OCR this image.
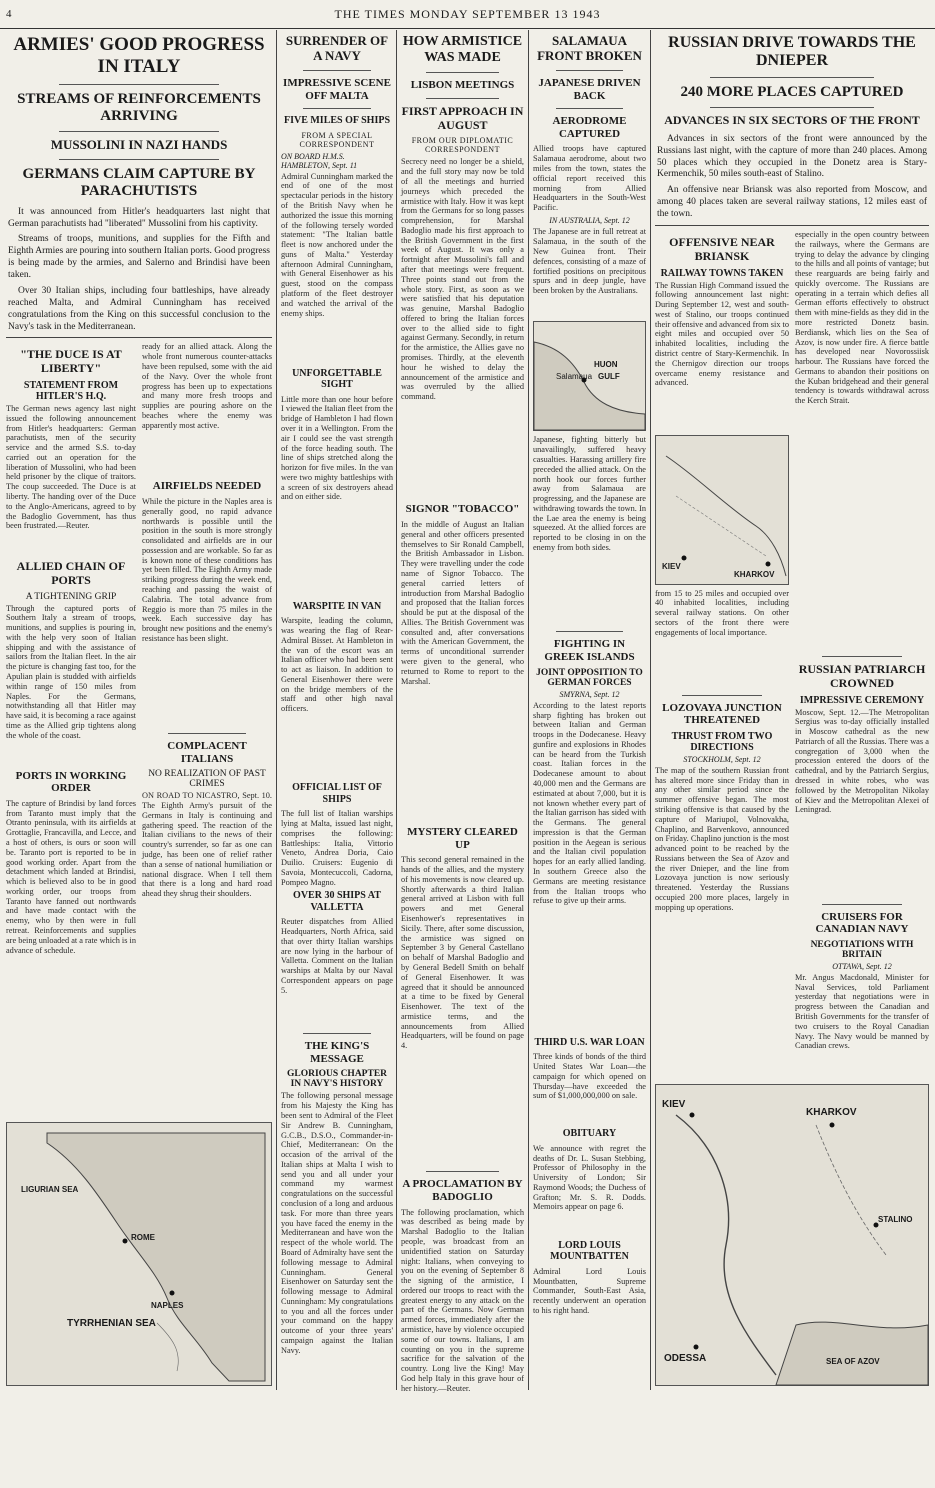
4	THE TIMES MONDAY SEPTEMBER 13 1943
ARMIES' GOOD PROGRESS IN ITALY
STREAMS OF REINFORCEMENTS ARRIVING
MUSSOLINI IN NAZI HANDS
GERMANS CLAIM CAPTURE BY PARACHUTISTS

It was announced from Hitler's headquarters last night that German parachutists had "liberated" Mussolini from his captivity.

Streams of troops, munitions, and supplies for the Fifth and Eighth Armies are pouring into southern Italian ports. Good progress is being made by the armies, and Salerno and Brindisi have been taken.

Over 30 Italian ships, including four battleships, have already reached Malta, and Admiral Cunningham has received congratulations from the King on this successful conclusion to the Navy's task in the Mediterranean.

"THE DUCE IS AT LIBERTY"
STATEMENT FROM HITLER'S H.Q.
The German news agency last night issued the following announcement from Hitler's headquarters: German parachutists, men of the security service and the armed S.S. to-day carried out an operation for the liberation of Mussolini, who had been held prisoner by the clique of traitors. The coup succeeded. The Duce is at liberty. The handing over of the Duce to the Anglo-Americans, agreed to by the Badoglio Government, has thus been frustrated.—Reuter.
ALLIED CHAIN OF PORTS
A TIGHTENING GRIP
Through the captured ports of Southern Italy a stream of troops, munitions, and supplies is pouring in, with the help very soon of Italian shipping and with the assistance of sailors from the Italian fleet. In the air the picture is changing fast too, for the Apulian plain is studded with airfields within range of 150 miles from Naples. For the Germans, notwithstanding all that Hitler may have said, it is becoming a race against time as the Allied grip tightens along the whole of the coast.
PORTS IN WORKING ORDER
The capture of Brindisi by land forces from Taranto must imply that the Otranto peninsula, with its airfields at Grottaglie, Francavilla, and Lecce, and a host of others, is ours or soon will be. Taranto port is reported to be in good working order. Apart from the detachment which landed at Brindisi, which is believed also to be in good working order, our troops from Taranto have fanned out northwards and have made contact with the enemy, who by then were in full retreat. Reinforcements and supplies are being unloaded at a rate which is in advance of schedule.
ready for an allied attack. Along the whole front numerous counter-attacks have been repulsed, some with the aid of the Navy. Over the whole front progress has been up to expectations and many more fresh troops and supplies are pouring ashore on the beaches where the enemy was apparently most active.
AIRFIELDS NEEDED
While the picture in the Naples area is generally good, no rapid advance northwards is possible until the position in the south is more strongly consolidated and airfields are in our possession and are workable. So far as is known none of these conditions has yet been filled. The Eighth Army made striking progress during the week end, reaching and passing the waist of Calabria. The total advance from Reggio is more than 75 miles in the week. Each successive day has brought new positions and the enemy's resistance has been slight.
COMPLACENT ITALIANS
NO REALIZATION OF PAST CRIMES
ON ROAD TO NICASTRO, Sept. 10. The Eighth Army's pursuit of the Germans in Italy is continuing and gathering speed. The reaction of the Italian civilians to the news of their country's surrender, so far as one can judge, has been one of relief rather than a sense of national humiliation or national disgrace. When I tell them that there is a long and hard road ahead they shrug their shoulders.
LIGURIAN SEA
ROME
NAPLES
TYRRHENIAN SEA
SURRENDER OF A NAVY
IMPRESSIVE SCENE OFF MALTA
FIVE MILES OF SHIPS
FROM A SPECIAL CORRESPONDENT
ON BOARD H.M.S. HAMBLETON, Sept. 11
Admiral Cunningham marked the end of one of the most spectacular periods in the history of the British Navy when he authorized the issue this morning of the following tersely worded statement: "The Italian battle fleet is now anchored under the guns of Malta." Yesterday afternoon Admiral Cunningham, with General Eisenhower as his guest, stood on the compass platform of the fleet destroyer and watched the arrival of the enemy ships.
UNFORGETTABLE SIGHT
Little more than one hour before I viewed the Italian fleet from the bridge of Hambleton I had flown over it in a Wellington. From the air I could see the vast strength of the force heading south. The line of ships stretched along the horizon for five miles. In the van were two mighty battleships with a screen of six destroyers ahead and on either side.
WARSPITE IN VAN
Warspite, leading the column, was wearing the flag of Rear-Admiral Bisset. At Hambleton in the van of the escort was an Italian officer who had been sent to act as liaison. In addition to General Eisenhower there were on the bridge members of the staff and other high naval officers.
OFFICIAL LIST OF SHIPS
The full list of Italian warships lying at Malta, issued last night, comprises the following: Battleships: Italia, Vittorio Veneto, Andrea Doria, Caio Duilio. Cruisers: Eugenio di Savoia, Montecuccoli, Cadorna, Pompeo Magno.
OVER 30 SHIPS AT VALLETTA
Reuter dispatches from Allied Headquarters, North Africa, said that over thirty Italian warships are now lying in the harbour of Valletta. Comment on the Italian warships at Malta by our Naval Correspondent appears on page 5.
THE KING'S MESSAGE
GLORIOUS CHAPTER IN NAVY'S HISTORY
The following personal message from his Majesty the King has been sent to Admiral of the Fleet Sir Andrew B. Cunningham, G.C.B., D.S.O., Commander-in-Chief, Mediterranean: On the occasion of the arrival of the Italian ships at Malta I wish to send you and all under your command my warmest congratulations on the successful conclusion of a long and arduous task. For more than three years you have faced the enemy in the Mediterranean and have won the respect of the whole world. The Board of Admiralty have sent the following message to Admiral Cunningham. General Eisenhower on Saturday sent the following message to Admiral Cunningham: My congratulations to you and all the forces under your command on the happy outcome of your three years' campaign against the Italian Navy.
HOW ARMISTICE WAS MADE
LISBON MEETINGS
FIRST APPROACH IN AUGUST
FROM OUR DIPLOMATIC CORRESPONDENT
Secrecy need no longer be a shield, and the full story may now be told of all the meetings and hurried journeys which preceded the armistice with Italy. How it was kept from the Germans for so long passes comprehension, for Marshal Badoglio made his first approach to the British Government in the first week of August. It was only a fortnight after Mussolini's fall and after that meetings were frequent. Three points stand out from the whole story. First, as soon as we were satisfied that his deputation was genuine, Marshal Badoglio offered to bring the Italian forces over to the allied side to fight against Germany. Secondly, in return for the armistice, the Allies gave no promises. Thirdly, at the eleventh hour he wished to delay the announcement of the armistice and was overruled by the allied command.
SIGNOR "TOBACCO"
In the middle of August an Italian general and other officers presented themselves to Sir Ronald Campbell, the British Ambassador in Lisbon. They were travelling under the code name of Signor Tobacco. The general carried letters of introduction from Marshal Badoglio and proposed that the Italian forces should be put at the disposal of the Allies. The British Government was consulted and, after conversations with the American Government, the terms of unconditional surrender were given to the general, who returned to Rome to report to the Marshal.
MYSTERY CLEARED UP
This second general remained in the hands of the allies, and the mystery of his movements is now cleared up. Shortly afterwards a third Italian general arrived at Lisbon with full powers and met General Eisenhower's representatives in Sicily. There, after some discussion, the armistice was signed on September 3 by General Castellano on behalf of Marshal Badoglio and by General Bedell Smith on behalf of General Eisenhower. It was agreed that it should be announced at a time to be fixed by General Eisenhower. The text of the armistice terms, and the announcements from Allied Headquarters, will be found on page 4.
A PROCLAMATION BY BADOGLIO
The following proclamation, which was described as being made by Marshal Badoglio to the Italian people, was broadcast from an unidentified station on Saturday night: Italians, when conveying to you on the evening of September 8 the signing of the armistice, I ordered our troops to react with the greatest energy to any attack on the part of the Germans. Now German armed forces, immediately after the armistice, have by violence occupied some of our towns. Italians, I am counting on you in the supreme sacrifice for the salvation of the country. Long live the King! May God help Italy in this grave hour of her history.—Reuter.
SALAMAUA FRONT BROKEN
JAPANESE DRIVEN BACK
AERODROME CAPTURED
Allied troops have captured Salamaua aerodrome, about two miles from the town, states the official report received this morning from Allied Headquarters in the South-West Pacific.
IN AUSTRALIA, Sept. 12
The Japanese are in full retreat at Salamaua, in the south of the New Guinea front. Their defences, consisting of a maze of fortified positions on precipitous spurs and in deep jungle, have been broken by the Australians.
HUON
GULF
Salamaua
Japanese, fighting bitterly but unavailingly, suffered heavy casualties. Harassing artillery fire preceded the allied attack. On the north hook our forces further away from Salamaua are progressing, and the Japanese are withdrawing towards the town. In the Lae area the enemy is being squeezed. At the allied forces are reported to be closing in on the enemy from both sides.
FIGHTING IN GREEK ISLANDS
JOINT OPPOSITION TO GERMAN FORCES
SMYRNA, Sept. 12
According to the latest reports sharp fighting has broken out between Italian and German troops in the Dodecanese. Heavy gunfire and explosions in Rhodes can be heard from the Turkish coast. Italian forces in the Dodecanese amount to about 40,000 men and the Germans are estimated at about 7,000, but it is not known whether every part of the Italian garrison has sided with the Germans. The general impression is that the German position in the Aegean is serious and the Italian civil population hopes for an early allied landing. In southern Greece also the Germans are meeting resistance from the Italian troops who refuse to give up their arms.
THIRD U.S. WAR LOAN
Three kinds of bonds of the third United States War Loan—the campaign for which opened on Thursday—have exceeded the sum of $1,000,000,000 on sale.
OBITUARY
We announce with regret the deaths of Dr. L. Susan Stebbing, Professor of Philosophy in the University of London; Sir Raymond Woods; the Duchess of Grafton; Mr. S. R. Dodds. Memoirs appear on page 6.
LORD LOUIS MOUNTBATTEN
Admiral Lord Louis Mountbatten, Supreme Commander, South-East Asia, recently underwent an operation to his right hand.
RUSSIAN DRIVE TOWARDS THE DNIEPER
240 MORE PLACES CAPTURED
ADVANCES IN SIX SECTORS OF THE FRONT

Advances in six sectors of the front were announced by the Russians last night, with the capture of more than 240 places. Among 50 places which they occupied in the Donetz area is Stary-Kermenchik, 50 miles south-east of Stalino.

An offensive near Briansk was also reported from Moscow, and among 40 places taken are several railway stations, 12 miles east of the town.

OFFENSIVE NEAR BRIANSK
RAILWAY TOWNS TAKEN
The Russian High Command issued the following announcement last night: During September 12, west and south-west of Stalino, our troops continued their offensive and advanced from six to eight miles and occupied over 50 inhabited localities, including the district centre of Stary-Kermenchik. In the Chernigov direction our troops overcame enemy resistance and advanced.
KIEV
KHARKOV
from 15 to 25 miles and occupied over 40 inhabited localities, including several railway stations. On other sectors of the front there were engagements of local importance.
LOZOVAYA JUNCTION THREATENED
THRUST FROM TWO DIRECTIONS
STOCKHOLM, Sept. 12
The map of the southern Russian front has altered more since Friday than in any other similar period since the summer offensive began. The most striking offensive is that caused by the capture of Mariupol, Volnovakha, Chaplino, and Barvenkovo, announced on Friday. Chaplino junction is the most advanced point to be reached by the Russians between the Sea of Azov and the river Dnieper, and the line from Lozovaya junction is now seriously threatened. Yesterday the Russians occupied 200 more places, largely in mopping up operations.
especially in the open country between the railways, where the Germans are trying to delay the advance by clinging to the hills and all points of vantage; but these rearguards are being fairly and quickly overcome. The Russians are operating in a terrain which defies all German efforts effectively to obstruct them with mine-fields as they did in the more restricted Donetz basin. Berdiansk, which lies on the Sea of Azov, is now under fire. A fierce battle has developed near Novorossiisk harbour. The Russians have forced the Germans to abandon their positions on the Kuban bridgehead and their general tendency is towards withdrawal across the Kerch Strait.
RUSSIAN PATRIARCH CROWNED
IMPRESSIVE CEREMONY
Moscow, Sept. 12.—The Metropolitan Sergius was to-day officially installed in Moscow cathedral as the new Patriarch of all the Russias. There was a congregation of 3,000 when the procession entered the doors of the cathedral, and by the Patriarch Sergius, dressed in white robes, who was followed by the Metropolitan Nikolay of Kiev and the Metropolitan Alexei of Leningrad.
CRUISERS FOR CANADIAN NAVY
NEGOTIATIONS WITH BRITAIN
OTTAWA, Sept. 12
Mr. Angus Macdonald, Minister for Naval Services, told Parliament yesterday that negotiations were in progress between the Canadian and British Governments for the transfer of two cruisers to the Royal Canadian Navy. The Navy would be manned by Canadian crews.
KIEV
KHARKOV
STALINO
ODESSA	SEA OF AZOV
